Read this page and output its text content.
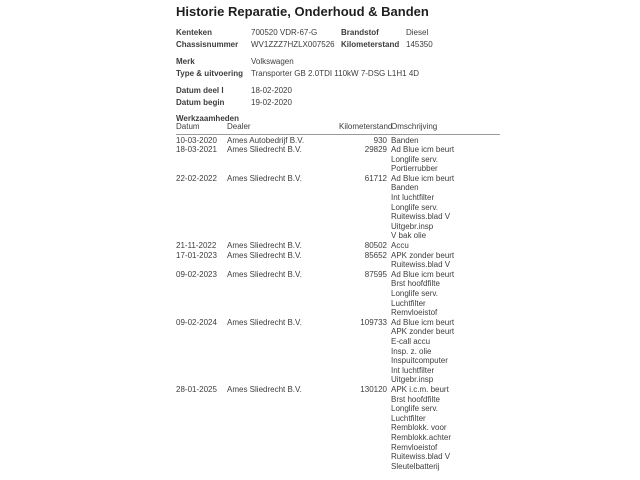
Historie Reparatie, Onderhoud & Banden
Kenteken	700520 VDR-67-G	Brandstof	Diesel
Chassisnummer	WV1ZZZ7HZLX007526 Kilometerstand 145350
Merk	Volkswagen
Type & uitvoering	Transporter GB 2.0TDI 110kW 7-DSG L1H1 4D
Datum deel I	18-02-2020
Datum begin	19-02-2020
Werkzaamheden
Datum	Dealer	Kilometerstand
Omschrijving
10-03-2020	Ames Autobedrijf B.V.	930 Banden
18-03-2021	Ames Sliedrecht B.V.	29829 Ad Blue icm beurt
Longlife serv.
Portierrubber
22-02-2022	Ames Sliedrecht B.V.	61712 Ad Blue icm beurt
Banden
Int luchtfilter
Longlife serv.
Ruitewiss.blad V
Uitgebr.insp
V bak olie
21-11-2022	Ames Sliedrecht B.V.	80502 Accu
17-01-2023	Ames Sliedrecht B.V.	85652 APK zonder beurt
Ruitewiss.blad V
09-02-2023	Ames Sliedrecht B.V.	87595 Ad Blue icm beurt
Brst hoofdfilte
Longlife serv.
Luchtfilter
Remvloeistof
09-02-2024	Ames Sliedrecht B.V.	109733 Ad Blue icm beurt
APK zonder beurt
E-call accu
Insp. z. olie
Inspuitcomputer
Int luchtfilter
Uitgebr.insp
28-01-2025	Ames Sliedrecht B.V.	130120 APK i.c.m. beurt
Brst hoofdfilte
Longlife serv.
Luchtfilter
Remblokk. voor
Remblokk.achter
Remvloeistof
Ruitewiss.blad V
Sleutelbatterij
